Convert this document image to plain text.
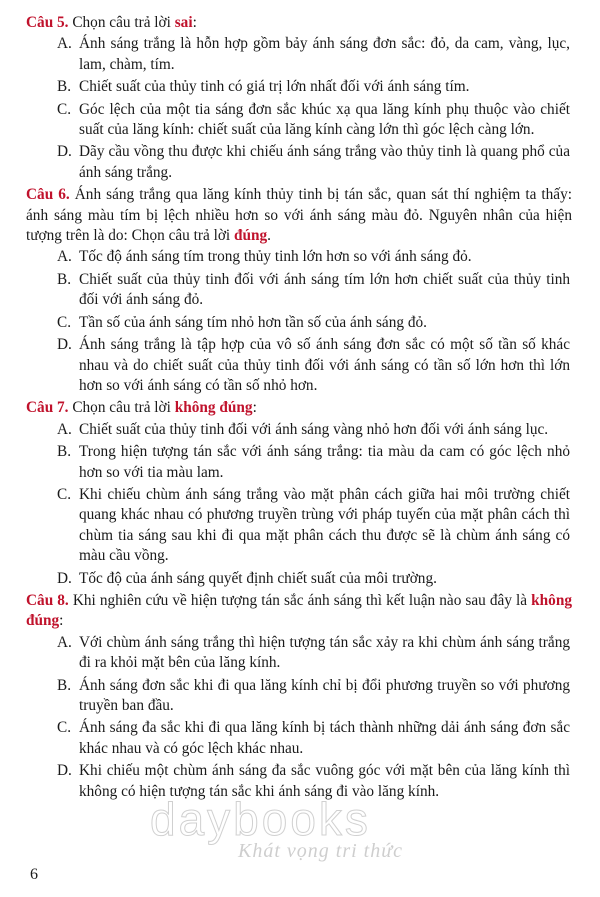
Câu 5. Chọn câu trả lời sai:

A. Ánh sáng trắng là hỗn hợp gồm bảy ánh sáng đơn sắc: đỏ, da cam, vàng, lục, lam, chàm, tím.
B. Chiết suất của thủy tinh có giá trị lớn nhất đối với ánh sáng tím.
C. Góc lệch của một tia sáng đơn sắc khúc xạ qua lăng kính phụ thuộc vào chiết suất của lăng kính: chiết suất của lăng kính càng lớn thì góc lệch càng lớn.
D. Dãy cầu vồng thu được khi chiếu ánh sáng trắng vào thủy tinh là quang phổ của ánh sáng trắng.

Câu 6. Ánh sáng trắng qua lăng kính thủy tinh bị tán sắc, quan sát thí nghiệm ta thấy: ánh sáng màu tím bị lệch nhiều hơn so với ánh sáng màu đỏ. Nguyên nhân của hiện tượng trên là do: Chọn câu trả lời đúng.

A. Tốc độ ánh sáng tím trong thủy tinh lớn hơn so với ánh sáng đỏ.
B. Chiết suất của thủy tinh đối với ánh sáng tím lớn hơn chiết suất của thủy tinh đối với ánh sáng đỏ.
C. Tần số của ánh sáng tím nhỏ hơn tần số của ánh sáng đỏ.
D. Ánh sáng trắng là tập hợp của vô số ánh sáng đơn sắc có một số tần số khác nhau và do chiết suất của thủy tinh đối với ánh sáng có tần số lớn hơn thì lớn hơn so với ánh sáng có tần số nhỏ hơn.

Câu 7. Chọn câu trả lời không đúng:

A. Chiết suất của thủy tinh đối với ánh sáng vàng nhỏ hơn đối với ánh sáng lục.
B. Trong hiện tượng tán sắc với ánh sáng trắng: tia màu da cam có góc lệch nhỏ hơn so với tia màu lam.
C. Khi chiếu chùm ánh sáng trắng vào mặt phân cách giữa hai môi trường chiết quang khác nhau có phương truyền trùng với pháp tuyến của mặt phân cách thì chùm tia sáng sau khi đi qua mặt phân cách thu được sẽ là chùm ánh sáng có màu cầu vồng.
D. Tốc độ của ánh sáng quyết định chiết suất của môi trường.

Câu 8. Khi nghiên cứu về hiện tượng tán sắc ánh sáng thì kết luận nào sau đây là không đúng:

A. Với chùm ánh sáng trắng thì hiện tượng tán sắc xảy ra khi chùm ánh sáng trắng đi ra khỏi mặt bên của lăng kính.
B. Ánh sáng đơn sắc khi đi qua lăng kính chỉ bị đổi phương truyền so với phương truyền ban đầu.
C. Ánh sáng đa sắc khi đi qua lăng kính bị tách thành những dải ánh sáng đơn sắc khác nhau và có góc lệch khác nhau.
D. Khi chiếu một chùm ánh sáng đa sắc vuông góc với mặt bên của lăng kính thì không có hiện tượng tán sắc khi ánh sáng đi vào lăng kính.
daybooks
Khát vọng tri thức
6
